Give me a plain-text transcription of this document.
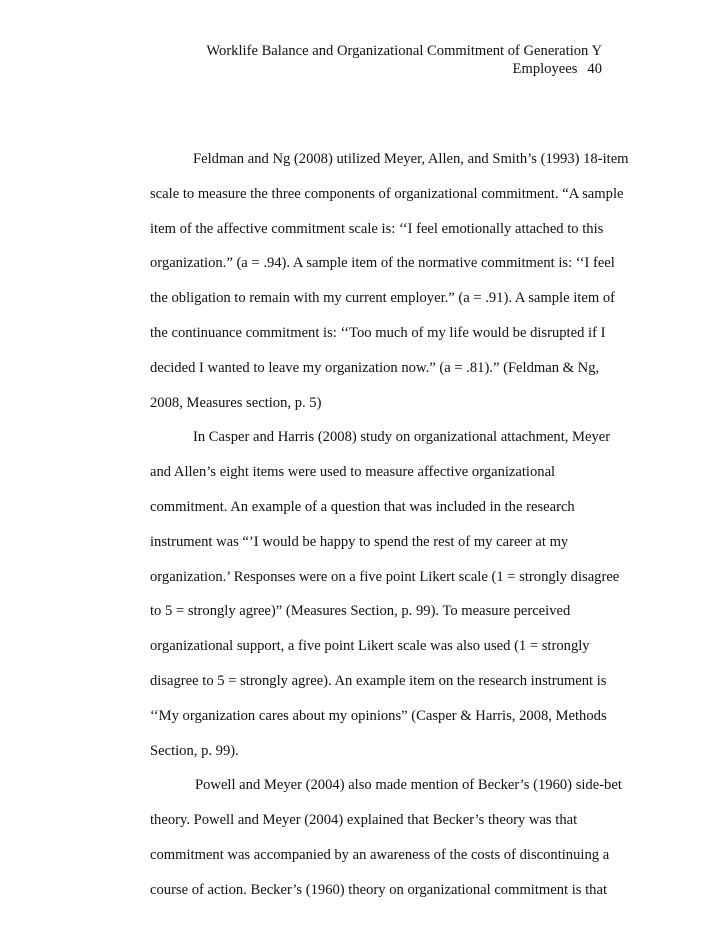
Worklife Balance and Organizational Commitment of Generation Y
Employees 40
Feldman and Ng (2008) utilized Meyer, Allen, and Smith’s (1993) 18-item
scale to measure the three components of organizational commitment. “A sample
item of the affective commitment scale is: ‘‘I feel emotionally attached to this
organization.” (a = .94). A sample item of the normative commitment is: ‘‘I feel
the obligation to remain with my current employer.” (a = .91). A sample item of
the continuance commitment is: ‘‘Too much of my life would be disrupted if I
decided I wanted to leave my organization now.” (a = .81).” (Feldman & Ng,
2008, Measures section, p. 5)
In Casper and Harris (2008) study on organizational attachment, Meyer
and Allen’s eight items were used to measure affective organizational
commitment. An example of a question that was included in the research
instrument was “’I would be happy to spend the rest of my career at my
organization.’ Responses were on a five point Likert scale (1 = strongly disagree
to 5 = strongly agree)” (Measures Section, p. 99). To measure perceived
organizational support, a five point Likert scale was also used (1 = strongly
disagree to 5 = strongly agree). An example item on the research instrument is
‘‘My organization cares about my opinions” (Casper & Harris, 2008, Methods
Section, p. 99).
Powell and Meyer (2004) also made mention of Becker’s (1960) side-bet
theory. Powell and Meyer (2004) explained that Becker’s theory was that
commitment was accompanied by an awareness of the costs of discontinuing a
course of action. Becker’s (1960) theory on organizational commitment is that
